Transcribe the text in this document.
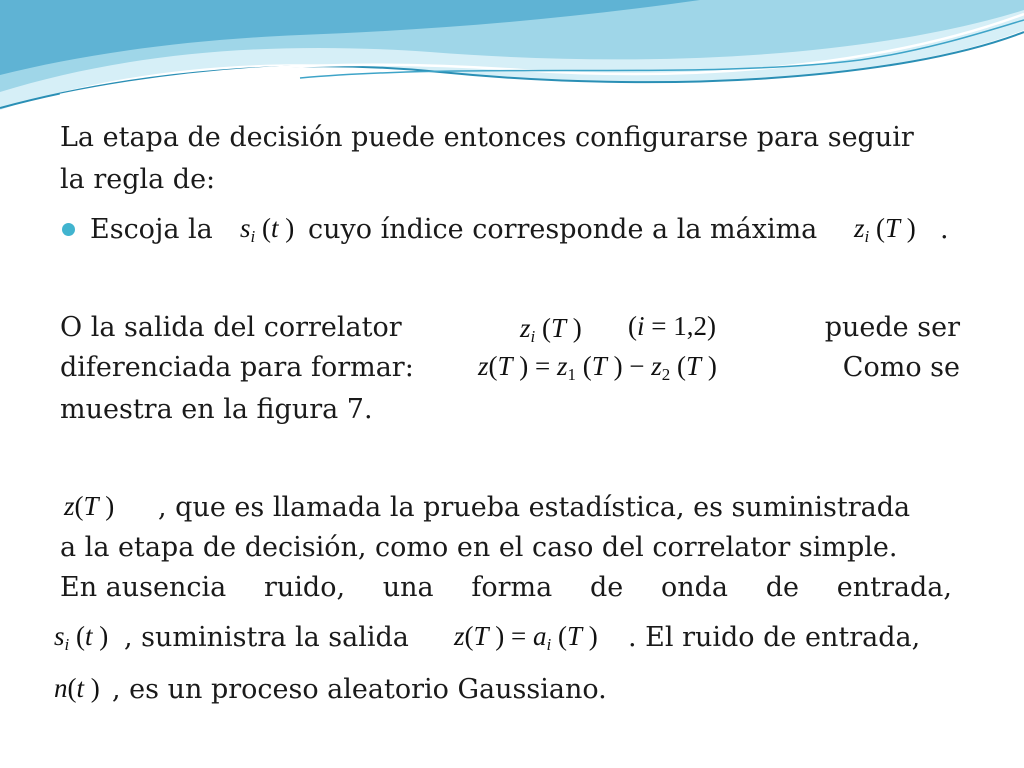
La etapa de decisión puede entonces configurarse para seguir
la regla de:
Escoja la $s_i$ (t ) cuyo índice corresponde a la máxima $z_i$ (T ) .
O la salida del correlator	$z_i$ (T ) (i = 1,2)	puede ser
diferenciada para formar: z(T ) = $z_1$ (T ) − $z_2$ (T )	Como se
muestra en la figura 7.
z(T ) , que es llamada la prueba estadística, es suministrada
a la etapa de decisión, como en el caso del correlator simple.
En ausencia ruido, una forma de onda de entrada,
$s_i$ (t ) , suministra la salida z(T ) = $a_i$ (T ) . El ruido de entrada,
n(t ) , es un proceso aleatorio Gaussiano.
